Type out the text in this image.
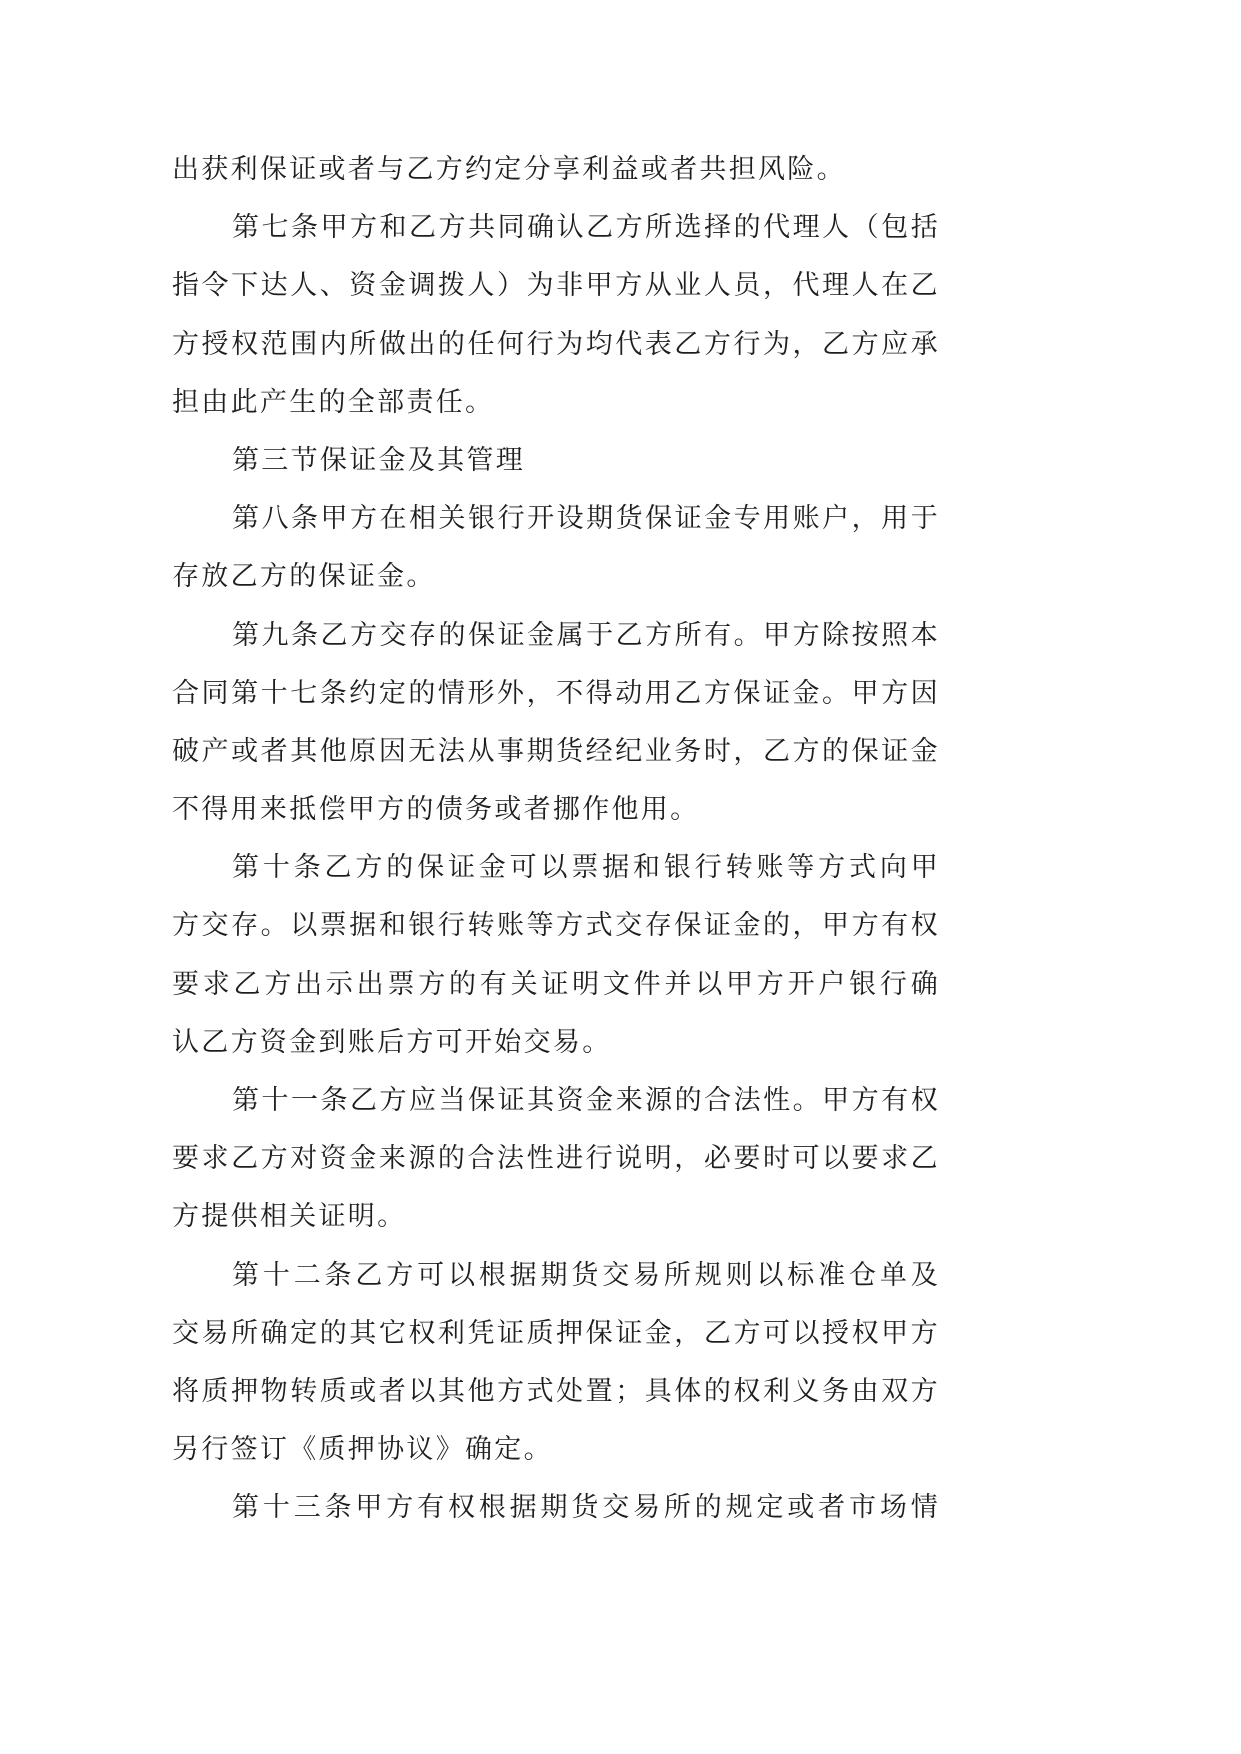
出获利保证或者与乙方约定分享利益或者共担风险。
第七条甲方和乙方共同确认乙方所选择的代理人（包括
指令下达人、资金调拨人）为非甲方从业人员，代理人在乙
方授权范围内所做出的任何行为均代表乙方行为，乙方应承
担由此产生的全部责任。
第三节保证金及其管理
第八条甲方在相关银行开设期货保证金专用账户，用于
存放乙方的保证金。
第九条乙方交存的保证金属于乙方所有。甲方除按照本
合同第十七条约定的情形外，不得动用乙方保证金。甲方因
破产或者其他原因无法从事期货经纪业务时，乙方的保证金
不得用来抵偿甲方的债务或者挪作他用。
第十条乙方的保证金可以票据和银行转账等方式向甲
方交存。以票据和银行转账等方式交存保证金的，甲方有权
要求乙方出示出票方的有关证明文件并以甲方开户银行确
认乙方资金到账后方可开始交易。
第十一条乙方应当保证其资金来源的合法性。甲方有权
要求乙方对资金来源的合法性进行说明，必要时可以要求乙
方提供相关证明。
第十二条乙方可以根据期货交易所规则以标准仓单及
交易所确定的其它权利凭证质押保证金，乙方可以授权甲方
将质押物转质或者以其他方式处置；具体的权利义务由双方
另行签订《质押协议》确定。
第十三条甲方有权根据期货交易所的规定或者市场情
